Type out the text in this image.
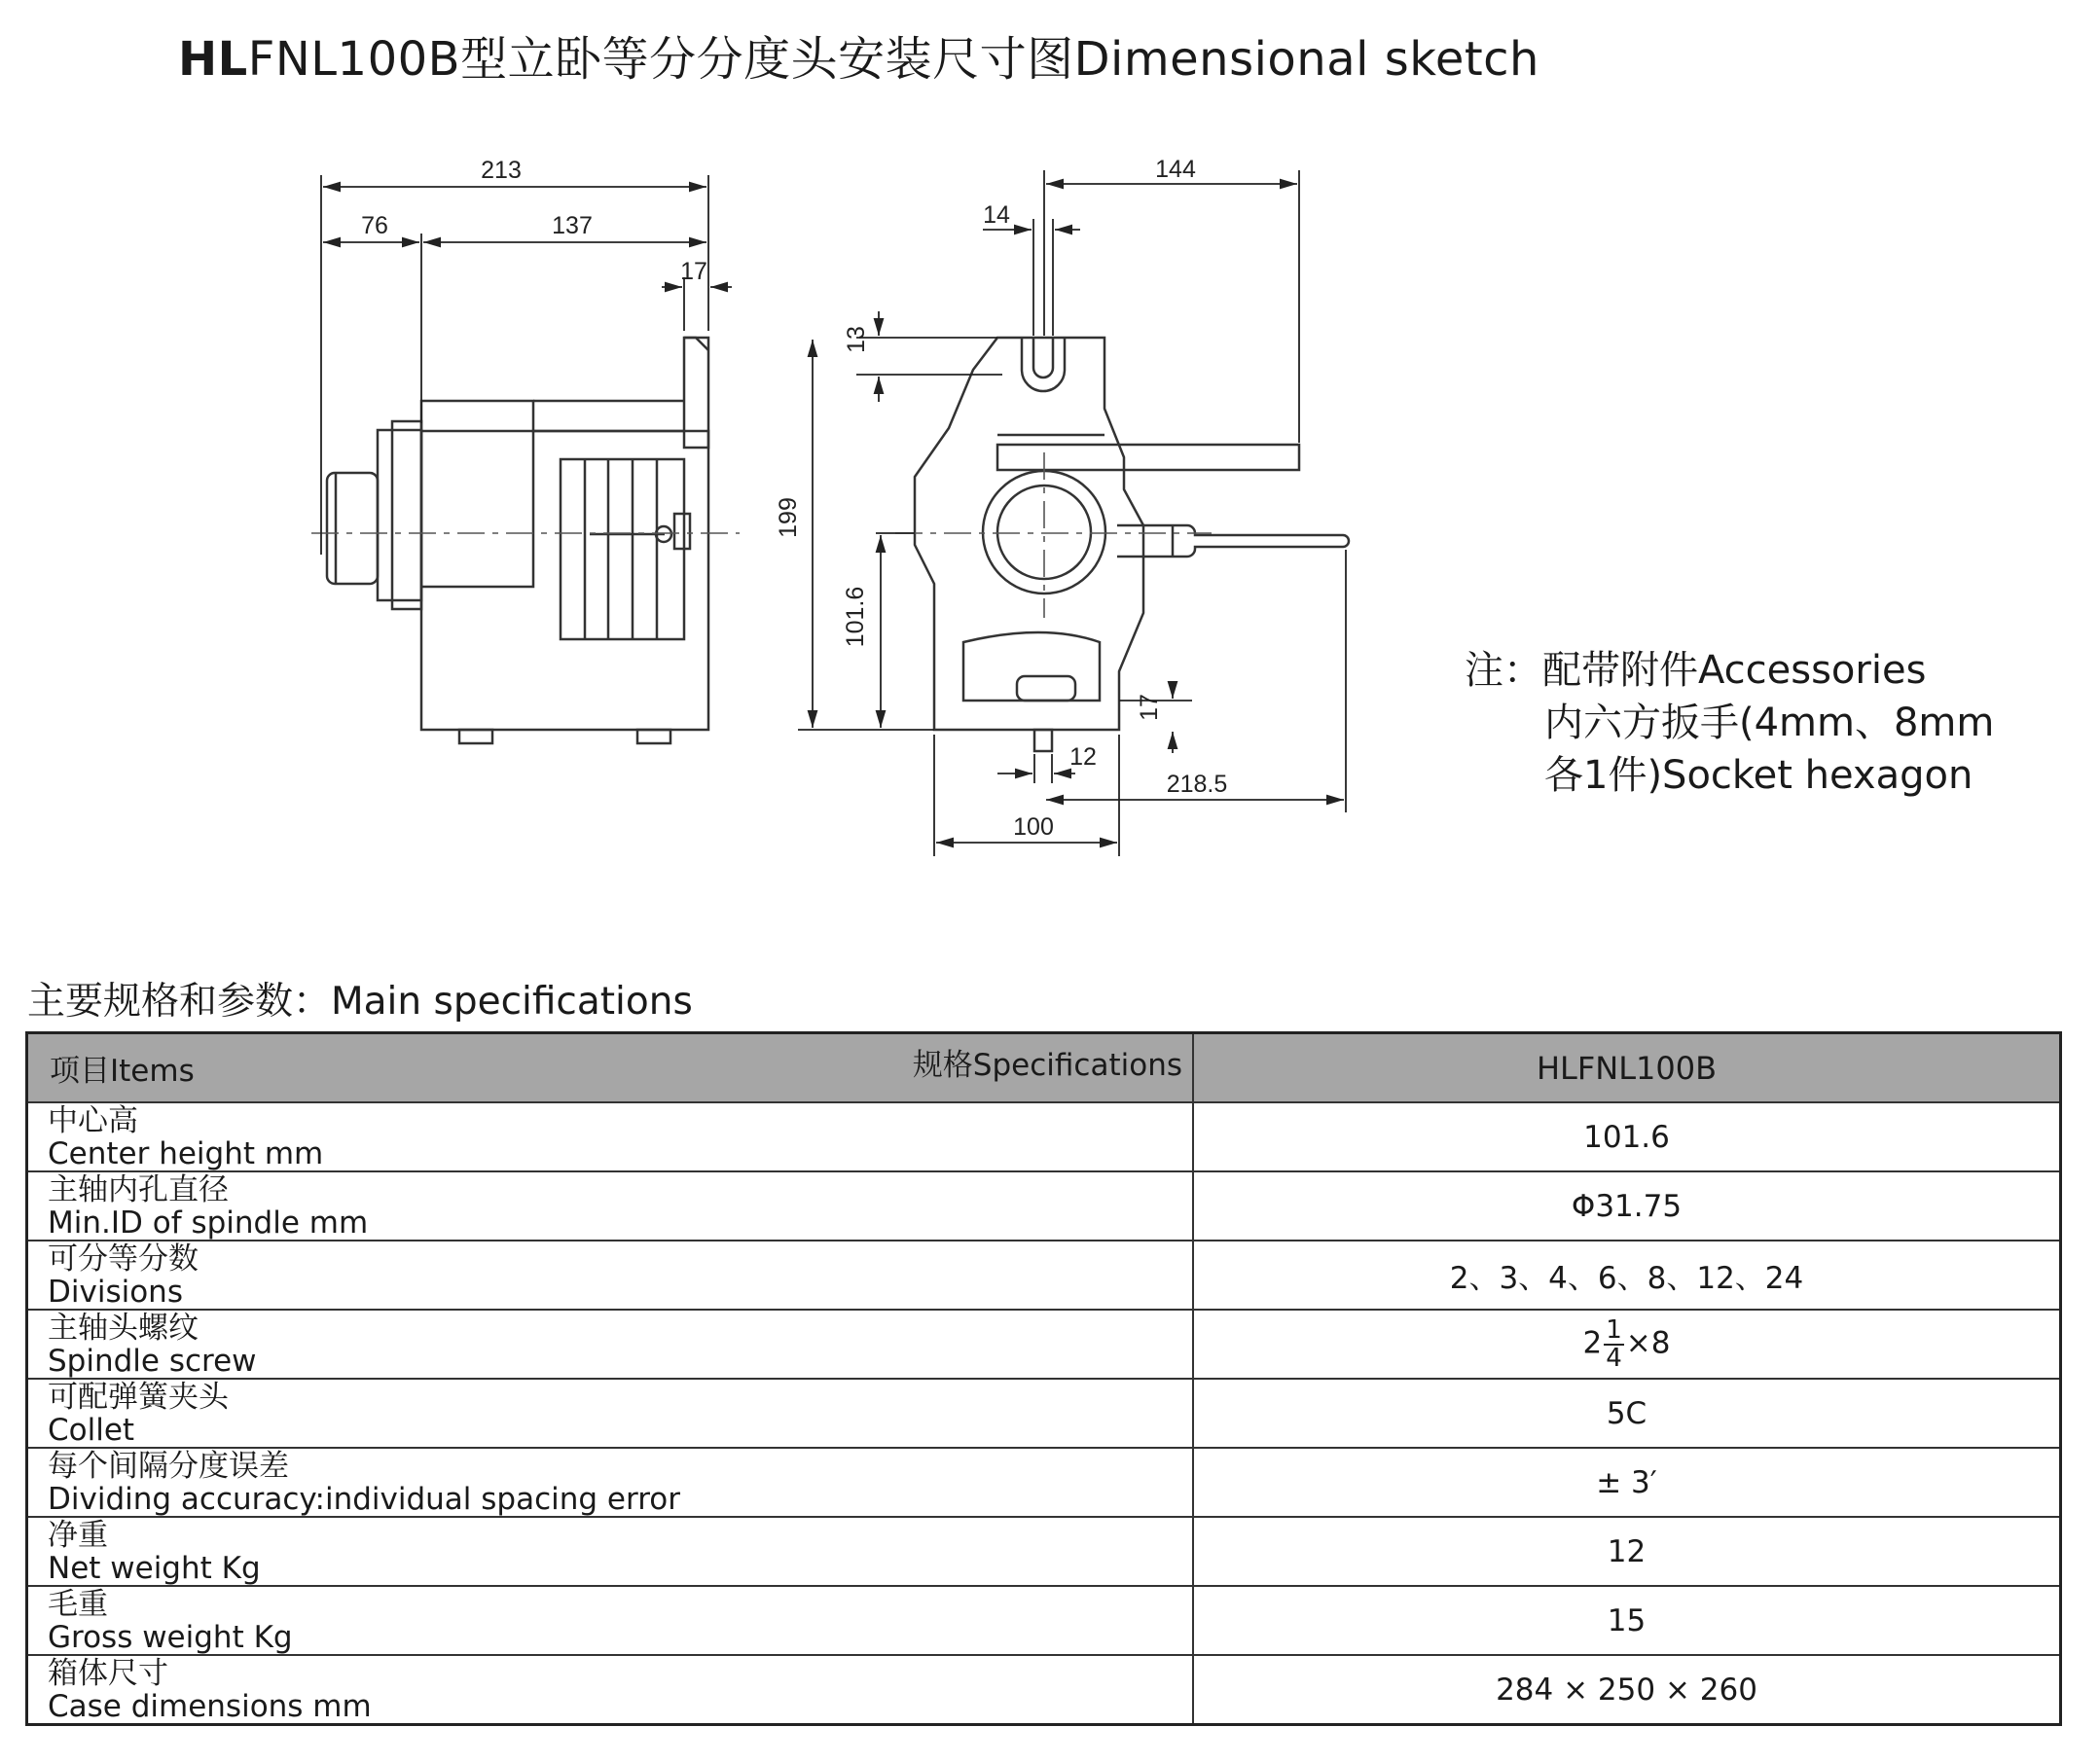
HLFNL100B型立卧等分分度头安装尺寸图Dimensional sketch
213
76	137
17
144
14
13
199
101.6
17
12
218.5
100
注：配带附件Accessories
内六方扳手(4mm、8mm
各1件)Socket hexagon
主要规格和参数：Main specifications
项目Items 规格Specifications	HLFNL100B

中心高
Center height mm	101.6

主轴内孔直径
Min.ID of spindle mm	Φ31.75

可分等分数
Divisions	2、3、4、6、8、12、24

主轴头螺纹
Spindle screw	$2 \frac{1}{4} \times 8$

可配弹簧夹头
Collet	5C

每个间隔分度误差
Dividing accuracy:individual spacing error	± 3′

净重
Net weight Kg	12

毛重
Gross weight Kg	15

箱体尺寸
Case dimensions mm	284 × 250 × 260
